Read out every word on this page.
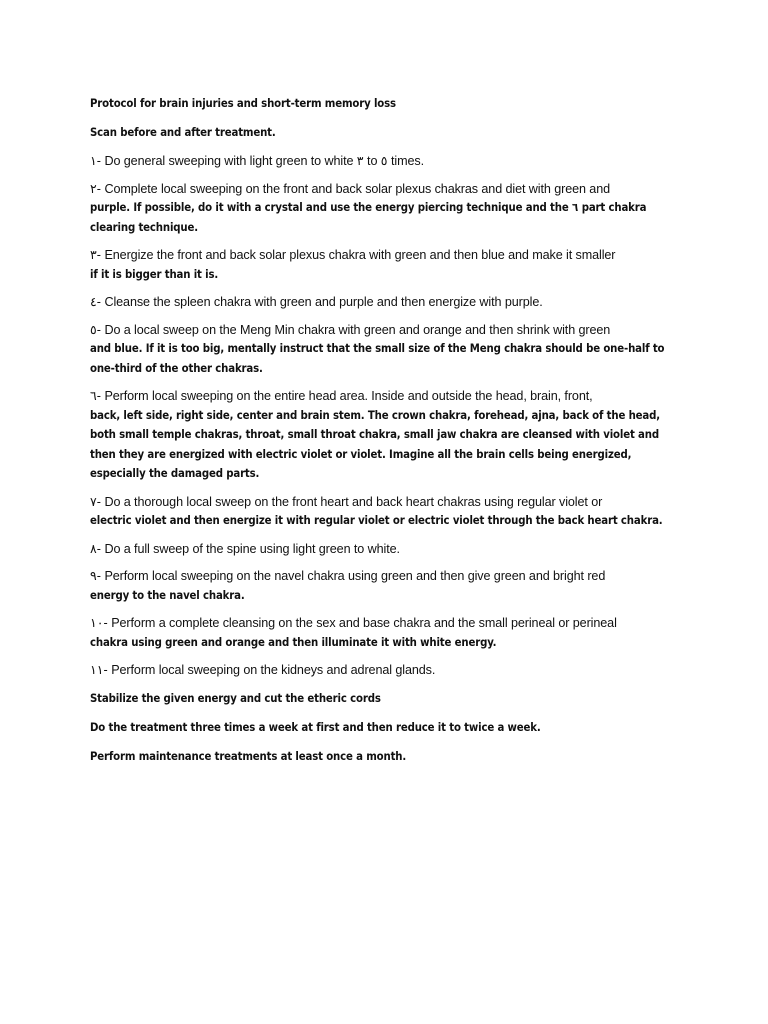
Protocol for brain injuries and short-term memory loss

Scan before and after treatment.

١- Do general sweeping with light green to white ٣ to ٥ times.

٢- Complete local sweeping on the front and back solar plexus chakras and diet with green and

purple. If possible, do it with a crystal and use the energy piercing technique and the ٦ part chakra clearing technique.

٣- Energize the front and back solar plexus chakra with green and then blue and make it smaller

if it is bigger than it is.

٤- Cleanse the spleen chakra with green and purple and then energize with purple.

٥- Do a local sweep on the Meng Min chakra with green and orange and then shrink with green

and blue. If it is too big, mentally instruct that the small size of the Meng chakra should be one-half to one-third of the other chakras.

٦- Perform local sweeping on the entire head area. Inside and outside the head, brain, front,

back, left side, right side, center and brain stem. The crown chakra, forehead, ajna, back of the head, both small temple chakras, throat, small throat chakra, small jaw chakra are cleansed with violet and then they are energized with electric violet or violet. Imagine all the brain cells being energized, especially the damaged parts.

٧- Do a thorough local sweep on the front heart and back heart chakras using regular violet or

electric violet and then energize it with regular violet or electric violet through the back heart chakra.

٨- Do a full sweep of the spine using light green to white.

٩- Perform local sweeping on the navel chakra using green and then give green and bright red

energy to the navel chakra.

١٠- Perform a complete cleansing on the sex and base chakra and the small perineal or perineal

chakra using green and orange and then illuminate it with white energy.

١١- Perform local sweeping on the kidneys and adrenal glands.

Stabilize the given energy and cut the etheric cords

Do the treatment three times a week at first and then reduce it to twice a week.

Perform maintenance treatments at least once a month.
